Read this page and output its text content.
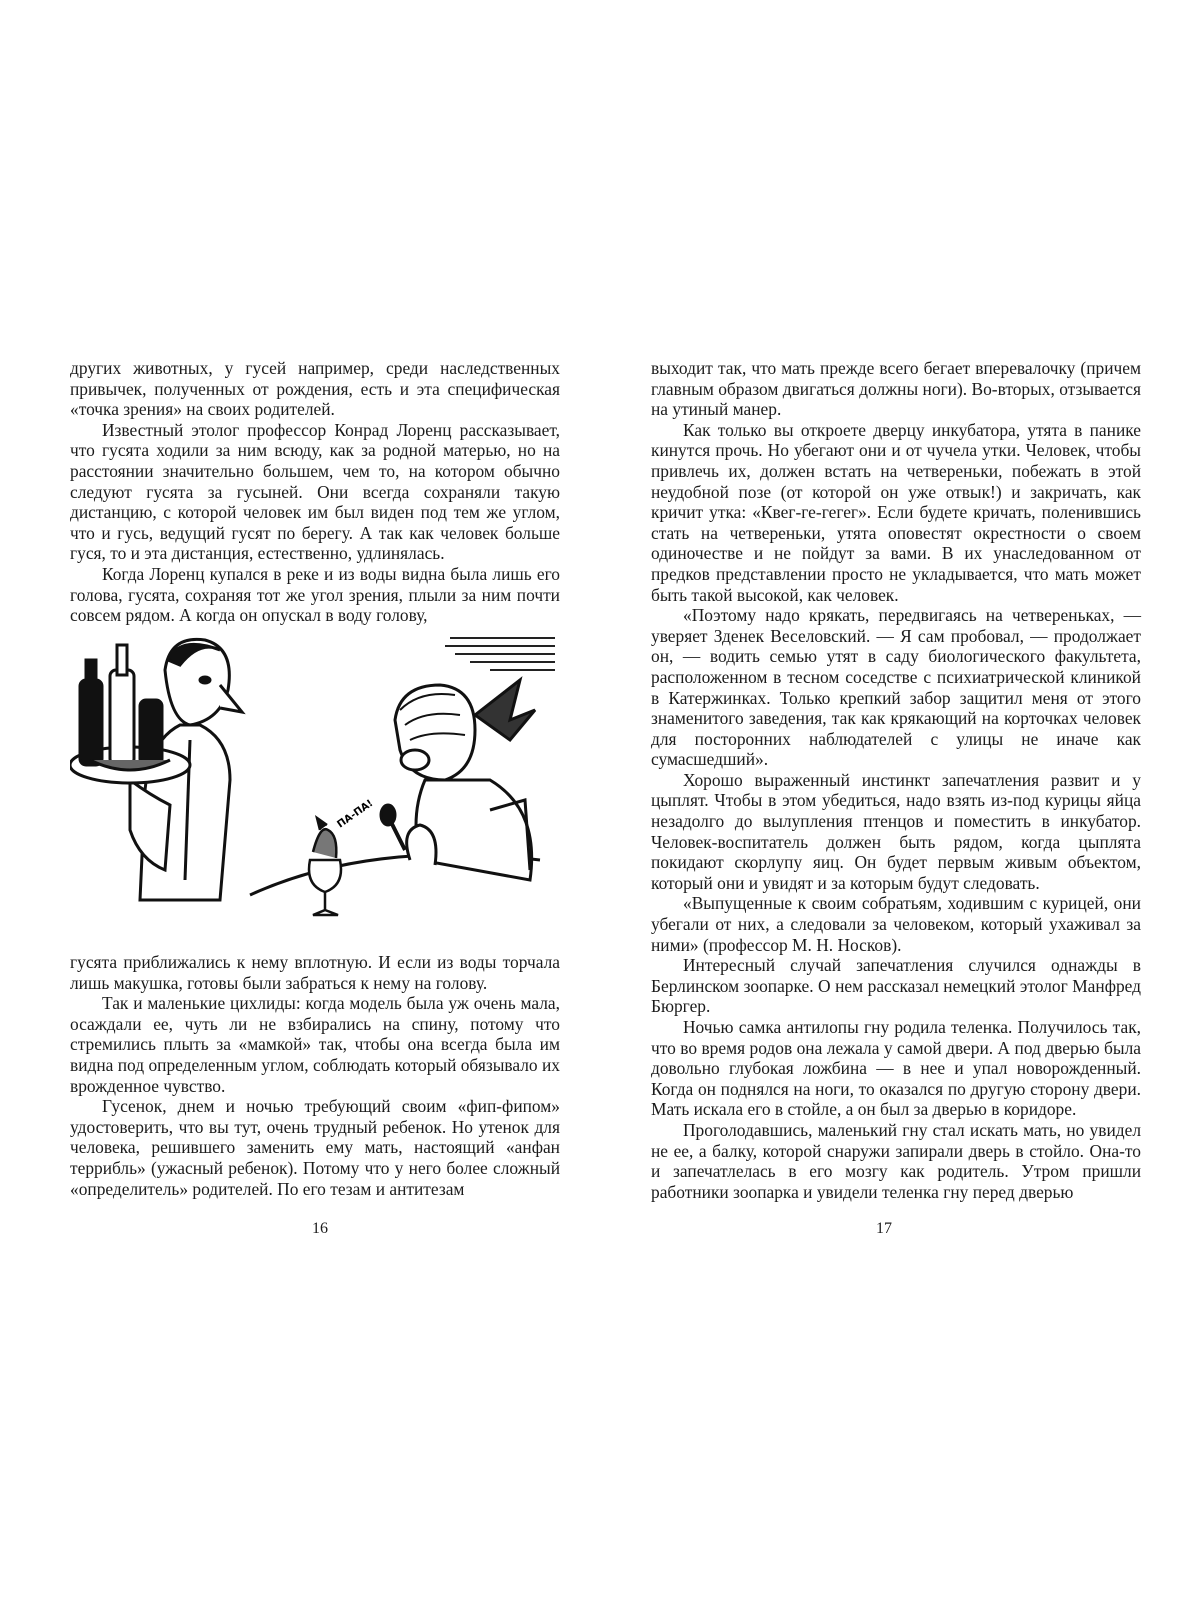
других животных, у гусей например, среди наследственных привычек, полученных от рождения, есть и эта специфическая «точка зрения» на своих родителей.

Известный этолог профессор Конрад Лоренц рассказывает, что гусята ходили за ним всюду, как за родной матерью, но на расстоянии значительно большем, чем то, на котором обычно следуют гусята за гусыней. Они всегда сохраняли такую дистанцию, с которой человек им был виден под тем же углом, что и гусь, ведущий гусят по берегу. А так как человек больше гуся, то и эта дистанция, естественно, удлинялась.

Когда Лоренц купался в реке и из воды видна была лишь его голова, гусята, сохраняя тот же угол зрения, плыли за ним почти совсем рядом. А когда он опускал в воду голову,

ПА-ПА!

гусята приближались к нему вплотную. И если из воды торчала лишь макушка, готовы были забраться к нему на голову.

Так и маленькие цихлиды: когда модель была уж очень мала, осаждали ее, чуть ли не взбирались на спину, потому что стремились плыть за «мамкой» так, чтобы она всегда была им видна под определенным углом, соблюдать который обязывало их врожденное чувство.

Гусенок, днем и ночью требующий своим «фип-фипом» удостоверить, что вы тут, очень трудный ребенок. Но утенок для человека, решившего заменить ему мать, настоящий «анфан террибль» (ужасный ребенок). Потому что у него более сложный «определитель» родителей. По его тезам и антитезам

16

выходит так, что мать прежде всего бегает вперевалочку (причем главным образом двигаться должны ноги). Во-вторых, отзывается на утиный манер.

Как только вы откроете дверцу инкубатора, утята в панике кинутся прочь. Но убегают они и от чучела утки. Человек, чтобы привлечь их, должен встать на четвереньки, побежать в этой неудобной позе (от которой он уже отвык!) и закричать, как кричит утка: «Квег-ге-гегег». Если будете кричать, поленившись стать на четвереньки, утята оповестят окрестности о своем одиночестве и не пойдут за вами. В их унаследованном от предков представлении просто не укладывается, что мать может быть такой высокой, как человек.

«Поэтому надо крякать, передвигаясь на четвереньках, — уверяет Зденек Веселовский. — Я сам пробовал, — продолжает он, — водить семью утят в саду биологического факультета, расположенном в тесном соседстве с психиатрической клиникой в Катержинках. Только крепкий забор защитил меня от этого знаменитого заведения, так как крякающий на корточках человек для посторонних наблюдателей с улицы не иначе как сумасшедший».

Хорошо выраженный инстинкт запечатления развит и у цыплят. Чтобы в этом убедиться, надо взять из-под курицы яйца незадолго до вылупления птенцов и поместить в инкубатор. Человек-воспитатель должен быть рядом, когда цыплята покидают скорлупу яиц. Он будет первым живым объектом, который они и увидят и за которым будут следовать.

«Выпущенные к своим собратьям, ходившим с курицей, они убегали от них, а следовали за человеком, который ухаживал за ними» (профессор М. Н. Носков).

Интересный случай запечатления случился однажды в Берлинском зоопарке. О нем рассказал немецкий этолог Манфред Бюргер.

Ночью самка антилопы гну родила теленка. Получилось так, что во время родов она лежала у самой двери. А под дверью была довольно глубокая ложбина — в нее и упал новорожденный. Когда он поднялся на ноги, то оказался по другую сторону двери. Мать искала его в стойле, а он был за дверью в коридоре.

Проголодавшись, маленький гну стал искать мать, но увидел не ее, а балку, которой снаружи запирали дверь в стойло. Она-то и запечатлелась в его мозгу как родитель. Утром пришли работники зоопарка и увидели теленка гну перед дверью

17
